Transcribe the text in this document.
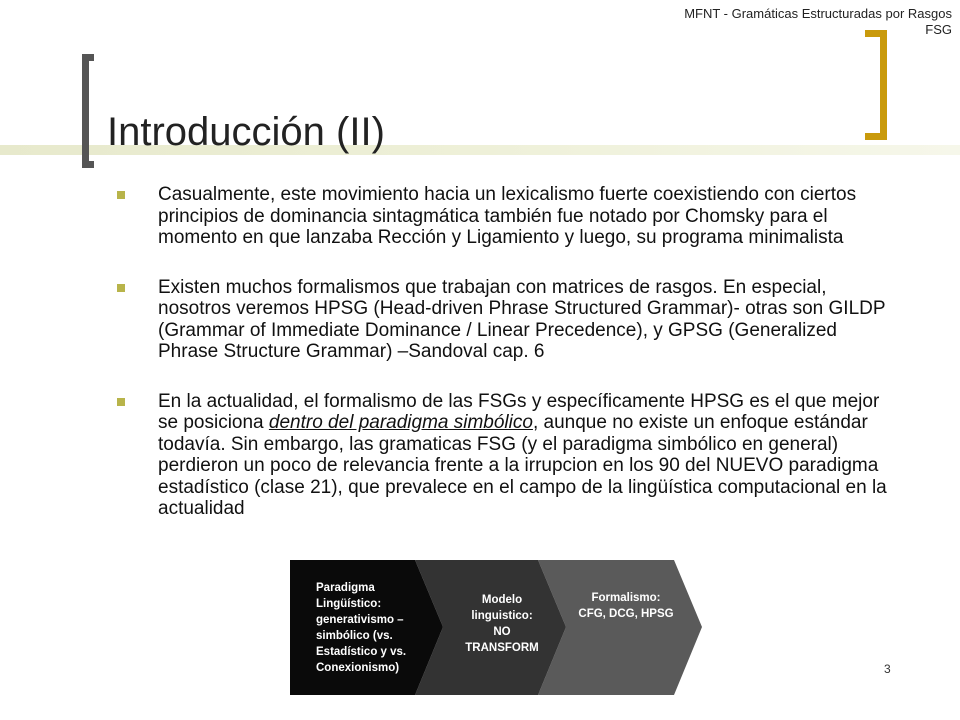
MFNT - Gramáticas Estructuradas por Rasgos
FSG
Introducción (II)
Casualmente, este movimiento hacia un lexicalismo fuerte coexistiendo con ciertos principios de dominancia sintagmática también fue notado por Chomsky para el momento en que lanzaba Rección y Ligamiento y luego, su programa minimalista
Existen muchos formalismos que trabajan con matrices de rasgos. En especial, nosotros veremos HPSG (Head-driven Phrase Structured Grammar)- otras son GILDP (Grammar of Immediate Dominance / Linear Precedence), y GPSG (Generalized Phrase Structure Grammar) –Sandoval cap. 6
En la actualidad, el formalismo de las FSGs y específicamente HPSG es el que mejor se posiciona dentro del paradigma simbólico, aunque no existe un enfoque estándar todavía. Sin embargo, las gramaticas FSG (y el paradigma simbólico en general) perdieron un poco de relevancia frente a la irrupcion en los 90 del NUEVO paradigma estadístico (clase 21), que prevalece en el campo de la lingüística computacional en la actualidad
Paradigma
Lingüístico:
generativismo –
simbólico (vs.
Estadístico y vs.
Conexionismo)
Modelo
linguistico:
NO
TRANSFORM
Formalismo:
CFG, DCG, HPSG
3
